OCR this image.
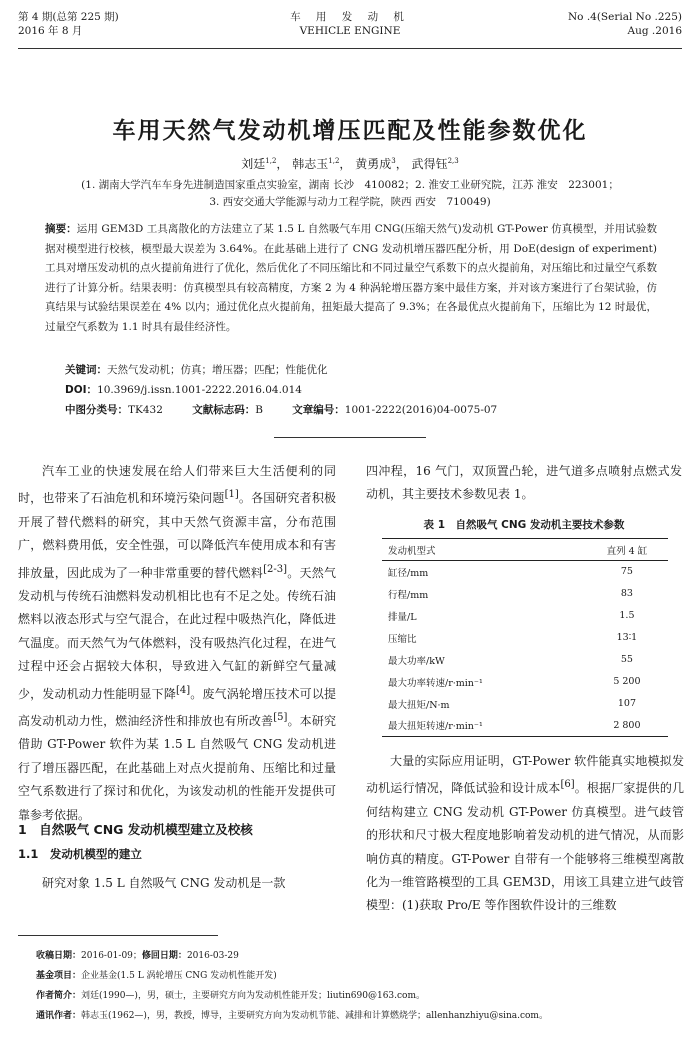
第 4 期(总第 225 期)
2016 年 8 月
车 用 发 动 机
VEHICLE ENGINE
No .4(Serial No .225)
Aug .2016
车用天然气发动机增压匹配及性能参数优化
刘廷$^{1,2}$， 韩志玉$^{1,2}$， 黄勇成$^3$， 武得钰$^{2,3}$
(1. 湖南大学汽车车身先进制造国家重点实验室，湖南 长沙　410082；2. 淮安工业研究院，江苏 淮安　223001；
3. 西安交通大学能源与动力工程学院，陕西 西安　710049)
摘要：运用 GEM3D 工具离散化的方法建立了某 1.5 L 自然吸气车用 CNG(压缩天然气)发动机 GT-Power 仿真模型，并用试验数据对模型进行校核，模型最大误差为 3.64%。在此基础上进行了 CNG 发动机增压器匹配分析，用 DoE(design of experiment)工具对增压发动机的点火提前角进行了优化，然后优化了不同压缩比和不同过量空气系数下的点火提前角，对压缩比和过量空气系数进行了计算分析。结果表明：仿真模型具有较高精度，方案 2 为 4 种涡轮增压器方案中最佳方案，并对该方案进行了台架试验，仿真结果与试验结果误差在 4% 以内；通过优化点火提前角，扭矩最大提高了 9.3%；在各最优点火提前角下，压缩比为 12 时最优，过量空气系数为 1.1 时具有最佳经济性。
关键词：天然气发动机；仿真；增压器；匹配；性能优化
DOI：10.3969/j.issn.1001-2222.2016.04.014
中图分类号：TK432	文献标志码：B	文章编号：1001-2222(2016)04-0075-07

汽车工业的快速发展在给人们带来巨大生活便利的同时，也带来了石油危机和环境污染问题[1]。各国研究者积极开展了替代燃料的研究，其中天然气资源丰富，分布范围广，燃料费用低，安全性强，可以降低汽车使用成本和有害排放量，因此成为了一种非常重要的替代燃料[2-3]。天然气发动机与传统石油燃料发动机相比也有不足之处。传统石油燃料以液态形式与空气混合，在此过程中吸热汽化，降低进气温度。而天然气为气体燃料，没有吸热汽化过程，在进气过程中还会占据较大体积，导致进入气缸的新鲜空气量减少，发动机动力性能明显下降[4]。废气涡轮增压技术可以提高发动机动力性，燃油经济性和排放也有所改善[5]。本研究借助 GT-Power 软件为某 1.5 L 自然吸气 CNG 发动机进行了增压器匹配，在此基础上对点火提前角、压缩比和过量空气系数进行了探讨和优化，为该发动机的性能开发提供可靠参考依据。

1　自然吸气 CNG 发动机模型建立及校核
1.1　发动机模型的建立

研究对象 1.5 L 自然吸气 CNG 发动机是一款

四冲程，16 气门，双顶置凸轮，进气道多点喷射点燃式发动机，其主要技术参数见表 1。

表 1　自然吸气 CNG 发动机主要技术参数
发动机型式	直列 4 缸
缸径/mm	75
行程/mm	83
排量/L	1.5
压缩比	13∶1
最大功率/kW	55
最大功率转速/r·min⁻¹	5 200
最大扭矩/N·m	107
最大扭矩转速/r·min⁻¹	2 800

大量的实际应用证明，GT-Power 软件能真实地模拟发动机运行情况，降低试验和设计成本[6]。根据厂家提供的几何结构建立 CNG 发动机 GT-Power 仿真模型。进气歧管的形状和尺寸极大程度地影响着发动机的进气情况，从而影响仿真的精度。GT-Power 自带有一个能够将三维模型离散化为一维管路模型的工具 GEM3D，用该工具建立进气歧管模型：(1)获取 Pro/E 等作图软件设计的三维数

收稿日期：2016-01-09；修回日期：2016-03-29
基金项目：企业基金(1.5 L 涡轮增压 CNG 发动机性能开发)
作者简介：刘廷(1990—)，男，硕士，主要研究方向为发动机性能开发；liutin690@163.com。
通讯作者：韩志玉(1962—)，男，教授，博导，主要研究方向为发动机节能、减排和计算燃烧学；allenhanzhiyu@sina.com。
